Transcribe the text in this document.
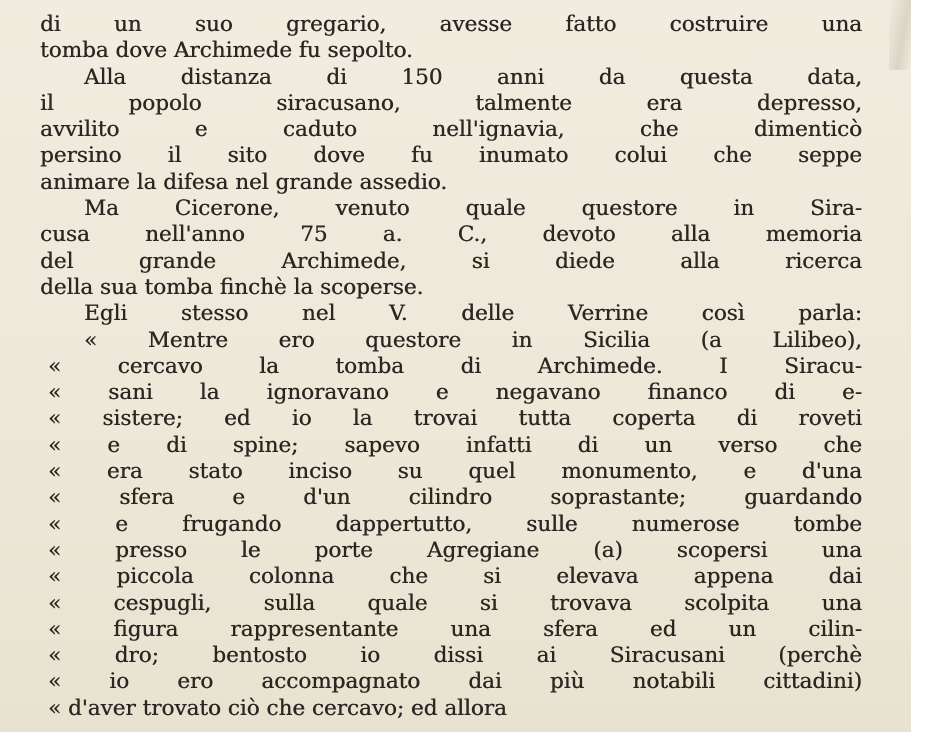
di un suo gregario, avesse fatto costruire una
tomba dove Archimede fu sepolto.
Alla distanza di 150 anni da questa data,
il popolo siracusano, talmente era depresso,
avvilito e caduto nell'ignavia, che dimenticò
persino il sito dove fu inumato colui che seppe
animare la difesa nel grande assedio.
Ma Cicerone, venuto quale questore in Sira-
cusa nell'anno 75 a. C., devoto alla memoria
del grande Archimede, si diede alla ricerca
della sua tomba finchè la scoperse.
Egli stesso nel V. delle Verrine così parla:
« Mentre ero questore in Sicilia (a Lilibeo),
« cercavo la tomba di Archimede. I Siracu-
« sani la ignoravano e negavano financo di e-
« sistere; ed io la trovai tutta coperta di roveti
« e di spine; sapevo infatti di un verso che
« era stato inciso su quel monumento, e d'una
« sfera e d'un cilindro soprastante; guardando
« e frugando dappertutto, sulle numerose tombe
« presso le porte Agregiane (a) scopersi una
« piccola colonna che si elevava appena dai
« cespugli, sulla quale si trovava scolpita una
« figura rappresentante una sfera ed un cilin-
« dro; bentosto io dissi ai Siracusani (perchè
« io ero accompagnato dai più notabili cittadini)
« d'aver trovato ciò che cercavo; ed allora
